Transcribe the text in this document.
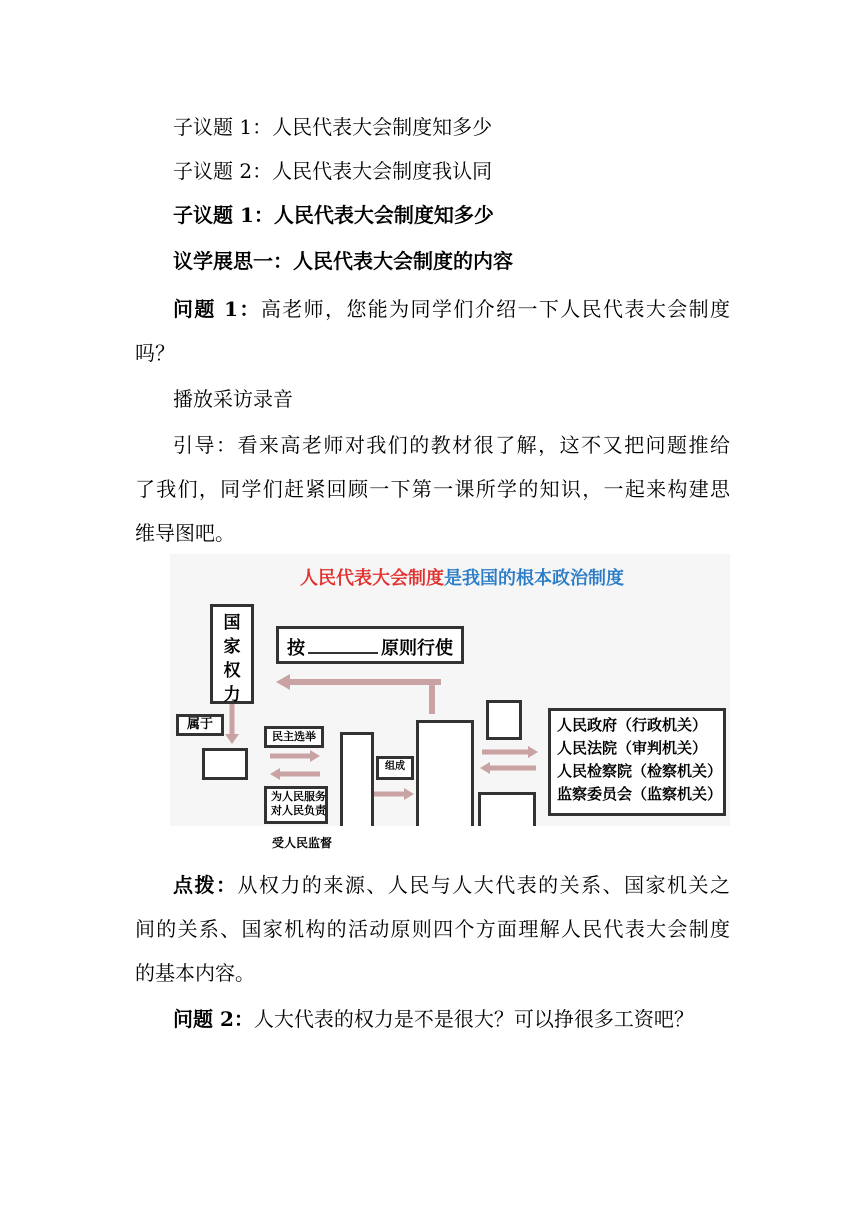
子议题 1：人民代表大会制度知多少
子议题 2：人民代表大会制度我认同
子议题 1：人民代表大会制度知多少
议学展思一：人民代表大会制度的内容
问题 1：高老师，您能为同学们介绍一下人民代表大会制度
吗？
播放采访录音
引导：看来高老师对我们的教材很了解，这不又把问题推给
了我们，同学们赶紧回顾一下第一课所学的知识，一起来构建思
维导图吧。
人民代表大会制度是我国的根本政治制度
国家权力
按	原则行使
属于
民主选举
为人民服务
对人民负责
组成
人民政府（行政机关）
人民法院（审判机关）
人民检察院（检察机关）
监察委员会（监察机关）
受人民监督
点拨：从权力的来源、人民与人大代表的关系、国家机关之
间的关系、国家机构的活动原则四个方面理解人民代表大会制度
的基本内容。
问题 2：人大代表的权力是不是很大？可以挣很多工资吧？
